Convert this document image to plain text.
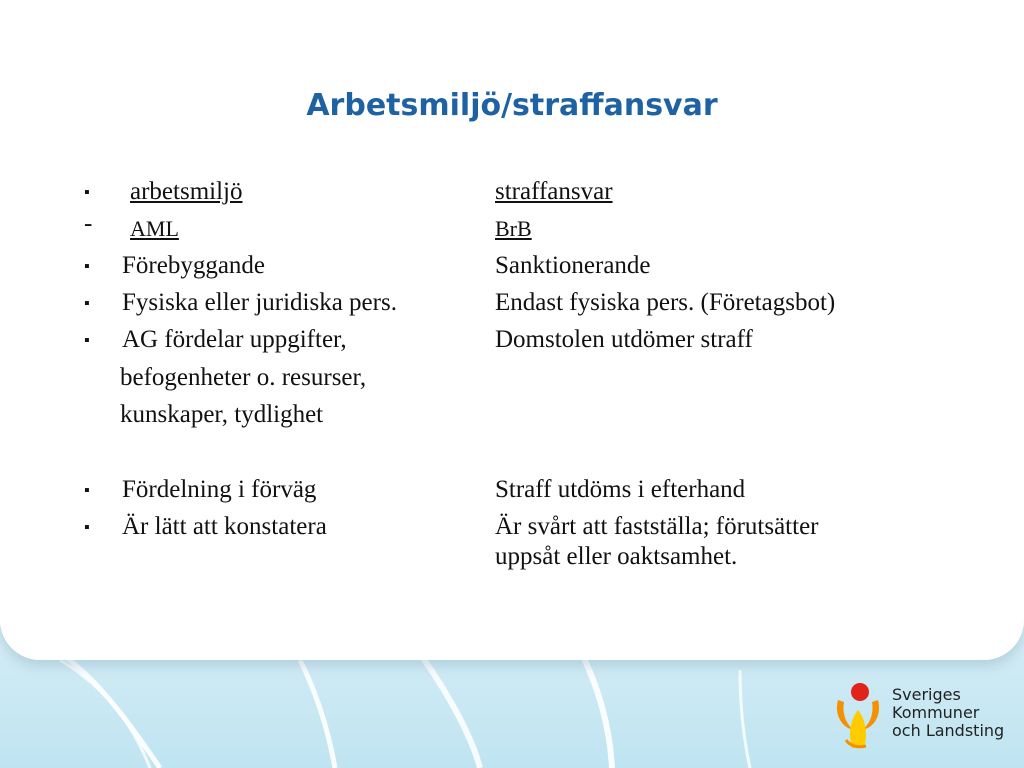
Arbetsmiljö/straffansvar
▪ arbetsmiljö	straffansvar
- AML	BrB
▪ Förebyggande	Sanktionerande
▪ Fysiska eller juridiska pers.	Endast fysiska pers. (Företagsbot)
▪ AG fördelar uppgifter,	Domstolen utdömer straff
befogenheter o. resurser,
kunskaper, tydlighet
▪ Fördelning i förväg	Straff utdöms i efterhand
▪ Är lätt att konstatera	Är svårt att fastställa; förutsätter
uppsåt eller oaktsamhet.
Sveriges
Kommuner
och Landsting
